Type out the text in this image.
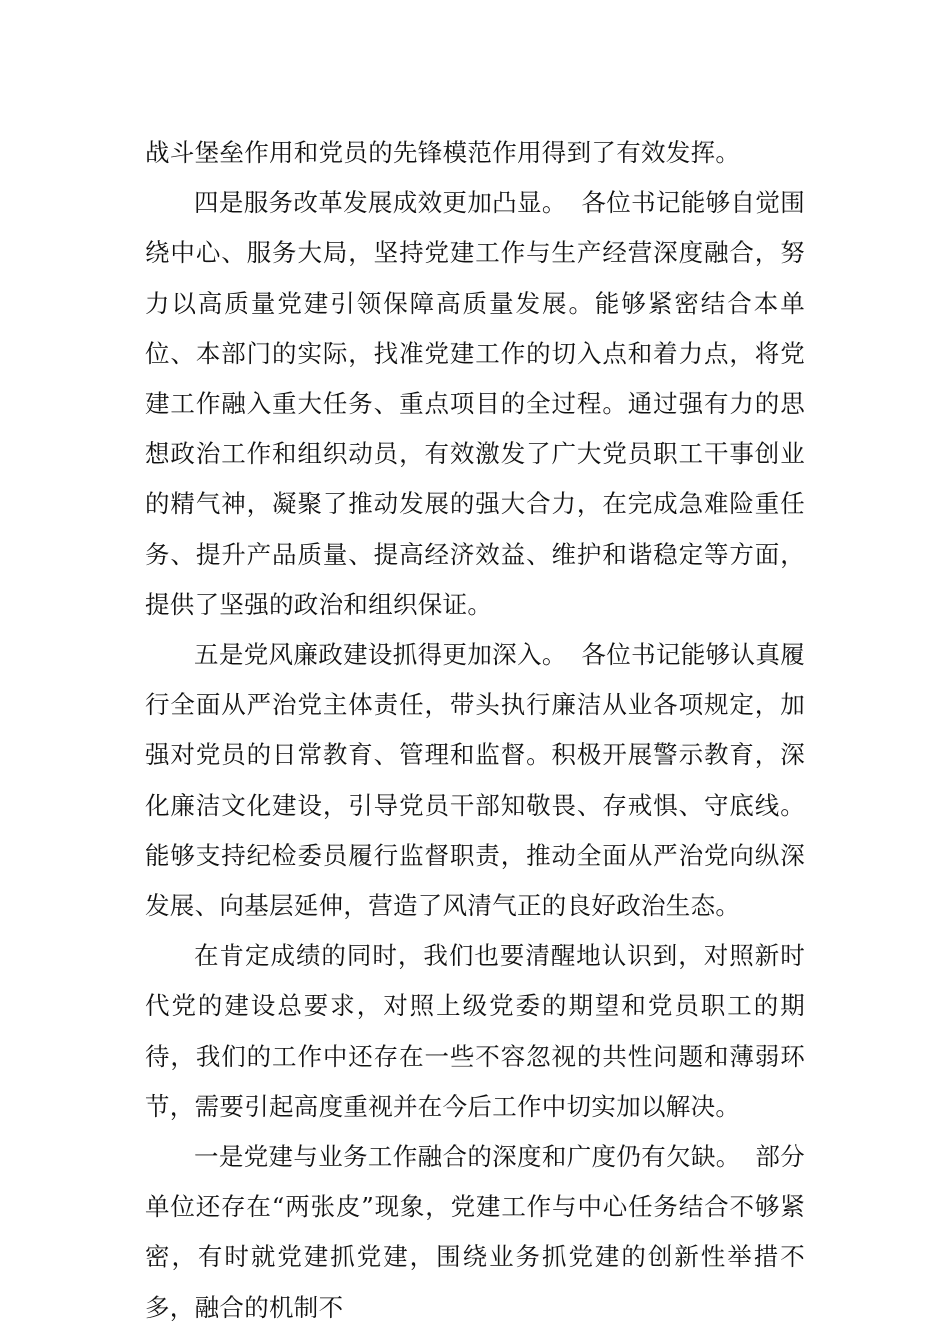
战斗堡垒作用和党员的先锋模范作用得到了有效发挥。

四是服务改革发展成效更加凸显。 各位书记能够自觉围绕中心、服务大局，坚持党建工作与生产经营深度融合，努力以高质量党建引领保障高质量发展。能够紧密结合本单位、本部门的实际，找准党建工作的切入点和着力点，将党建工作融入重大任务、重点项目的全过程。通过强有力的思想政治工作和组织动员，有效激发了广大党员职工干事创业的精气神，凝聚了推动发展的强大合力，在完成急难险重任务、提升产品质量、提高经济效益、维护和谐稳定等方面，提供了坚强的政治和组织保证。

五是党风廉政建设抓得更加深入。 各位书记能够认真履行全面从严治党主体责任，带头执行廉洁从业各项规定，加强对党员的日常教育、管理和监督。积极开展警示教育，深化廉洁文化建设，引导党员干部知敬畏、存戒惧、守底线。能够支持纪检委员履行监督职责，推动全面从严治党向纵深发展、向基层延伸，营造了风清气正的良好政治生态。

在肯定成绩的同时，我们也要清醒地认识到，对照新时代党的建设总要求，对照上级党委的期望和党员职工的期待，我们的工作中还存在一些不容忽视的共性问题和薄弱环节，需要引起高度重视并在今后工作中切实加以解决。

一是党建与业务工作融合的深度和广度仍有欠缺。 部分单位还存在“两张皮”现象，党建工作与中心任务结合不够紧密，有时就党建抓党建，围绕业务抓党建的创新性举措不多，融合的机制不
